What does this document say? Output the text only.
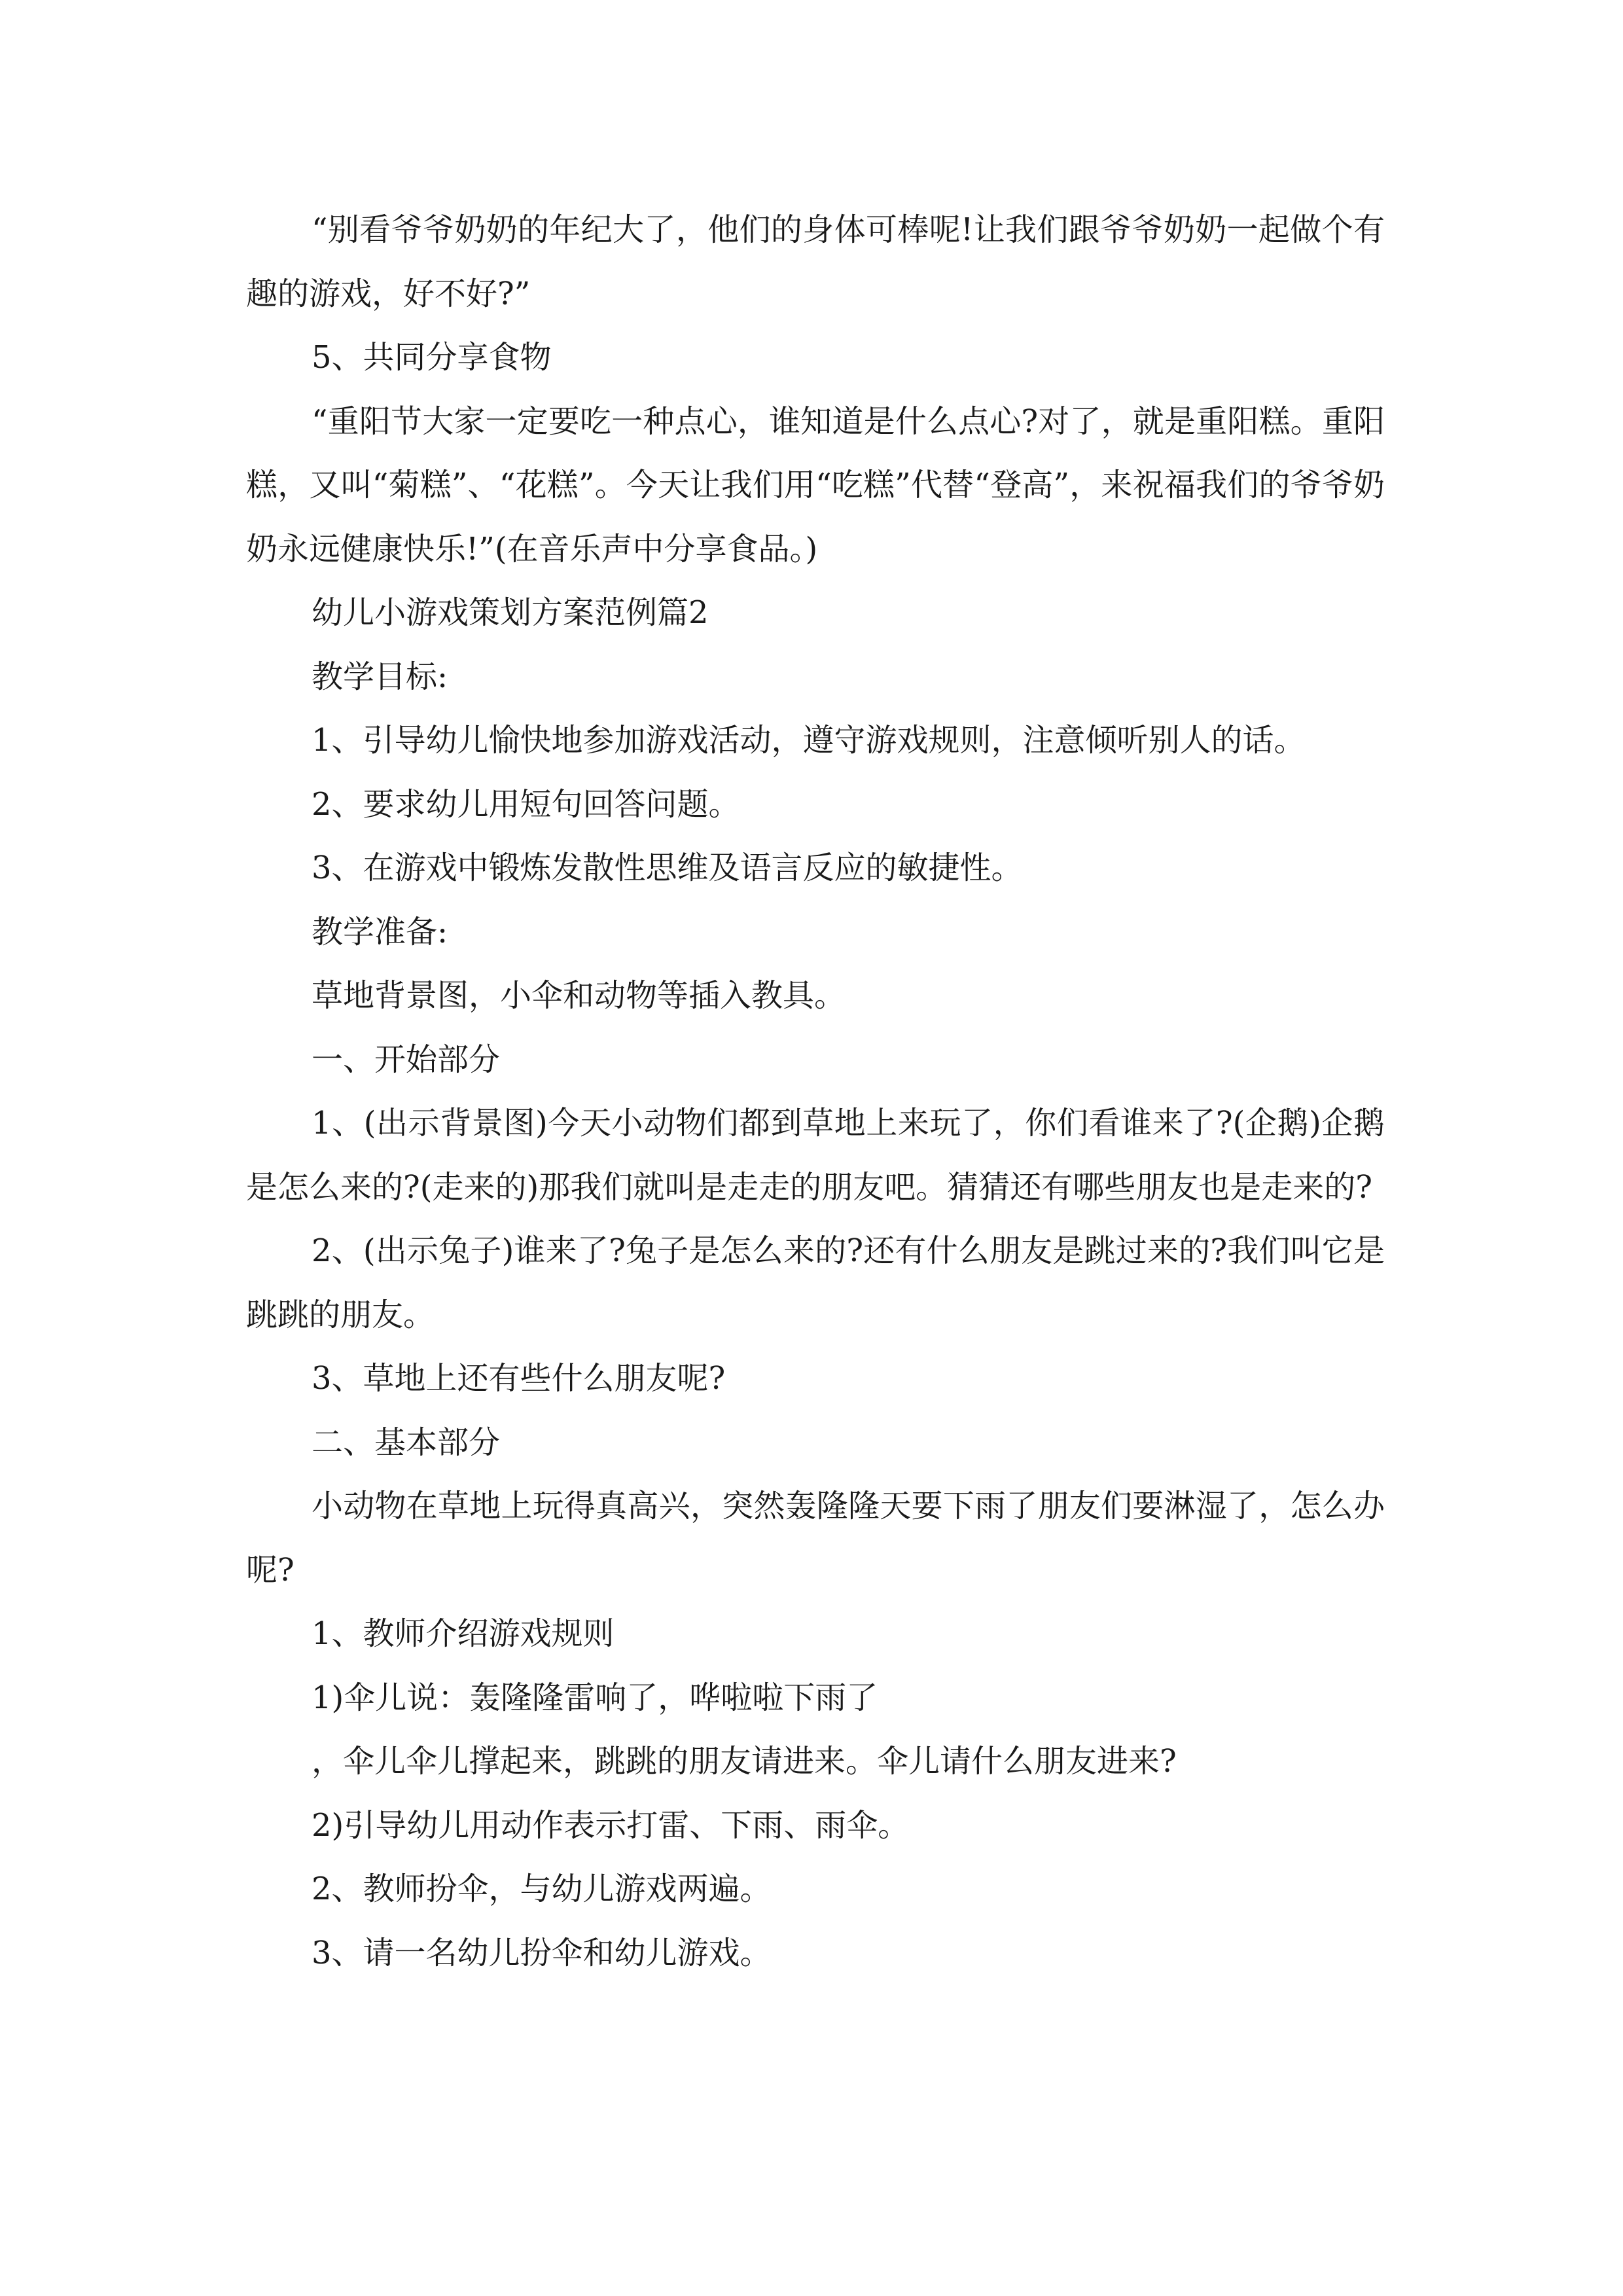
“别看爷爷奶奶的年纪大了，他们的身体可棒呢!让我们跟爷爷奶奶一起做个有趣的游戏，好不好?”

5、共同分享食物

“重阳节大家一定要吃一种点心，谁知道是什么点心?对了，就是重阳糕。重阳糕，又叫“菊糕”、“花糕”。今天让我们用“吃糕”代替“登高”，来祝福我们的爷爷奶奶永远健康快乐!”(在音乐声中分享食品。)

幼儿小游戏策划方案范例篇2

教学目标:

1、引导幼儿愉快地参加游戏活动，遵守游戏规则，注意倾听别人的话。

2、要求幼儿用短句回答问题。

3、在游戏中锻炼发散性思维及语言反应的敏捷性。

教学准备:

草地背景图，小伞和动物等插入教具。

一、开始部分

1、(出示背景图)今天小动物们都到草地上来玩了，你们看谁来了?(企鹅)企鹅是怎么来的?(走来的)那我们就叫是走走的朋友吧。猜猜还有哪些朋友也是走来的?

2、(出示兔子)谁来了?兔子是怎么来的?还有什么朋友是跳过来的?我们叫它是跳跳的朋友。

3、草地上还有些什么朋友呢?

二、基本部分

小动物在草地上玩得真高兴，突然轰隆隆天要下雨了朋友们要淋湿了，怎么办呢?

1、教师介绍游戏规则

1)伞儿说：轰隆隆雷响了，哗啦啦下雨了

，伞儿伞儿撑起来，跳跳的朋友请进来。伞儿请什么朋友进来?

2)引导幼儿用动作表示打雷、下雨、雨伞。

2、教师扮伞，与幼儿游戏两遍。

3、请一名幼儿扮伞和幼儿游戏。
